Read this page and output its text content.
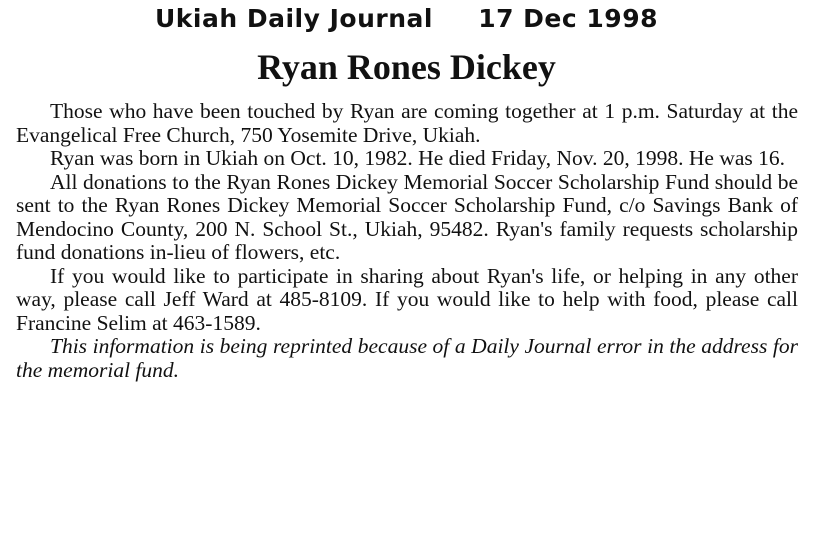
Ukiah Daily Journal 17 Dec 1998
Ryan Rones Dickey

Those who have been touched by Ryan are coming together at 1 p.m. Saturday at the Evangelical Free Church, 750 Yosemite Drive, Ukiah.

Ryan was born in Ukiah on Oct. 10, 1982. He died Friday, Nov. 20, 1998. He was 16.

All donations to the Ryan Rones Dickey Memorial Soccer Scholarship Fund should be sent to the Ryan Rones Dickey Memorial Soccer Scholarship Fund, c/o Savings Bank of Mendocino County, 200 N. School St., Ukiah, 95482. Ryan's family requests scholarship fund donations in-lieu of flowers, etc.

If you would like to participate in sharing about Ryan's life, or helping in any other way, please call Jeff Ward at 485-8109. If you would like to help with food, please call Francine Selim at 463-1589.

This information is being reprinted because of a Daily Journal error in the address for the memorial fund.
